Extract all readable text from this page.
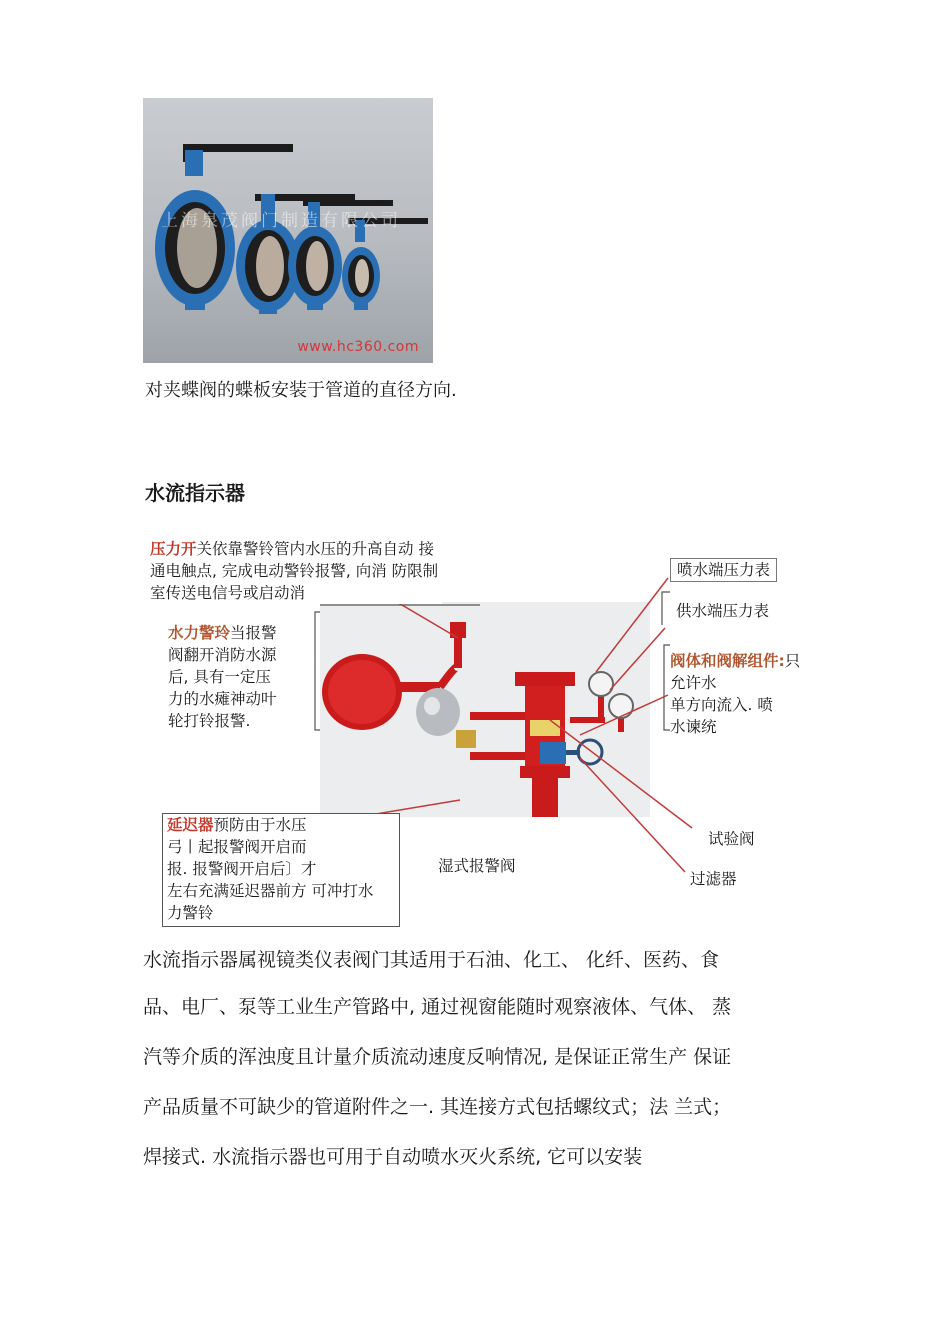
上海泉茂阀门制造有限公司
www.hc360.com
对夹蝶阀的蝶板安装于管道的直径方向.
水流指示器
压力开关依靠警铃管内水压的升高自动 接
通电触点, 完成电动警铃报警, 向消 防限制
室传送电信号或启动消
水力警玲当报警
阀翻开消防水源
后, 具有一定压
力的水瘫神动叶
轮打铃报警.
延迟器预防由于水压
弓丨起报警阀开启而
报. 报警阀开启后〕才
左右充满延迟器前方 可冲打水
力警铃
喷水端压力表
供水端压力表
阀体和阀解组件:只允许水
单方向流入. 喷
水谏统
试验阀
过滤器
湿式报警阀
水流指示器属视镜类仪表阀门其适用于石油、化工、 化纤、医药、食
品、电厂、泵等工业生产管路中, 通过视窗能随时观察液体、气体、 蒸
汽等介质的浑浊度且计量介质流动速度反响情况, 是保证正常生产 保证
产品质量不可缺少的管道附件之一. 其连接方式包括螺纹式；法 兰式；
焊接式. 水流指示器也可用于自动喷水灭火系统, 它可以安装
